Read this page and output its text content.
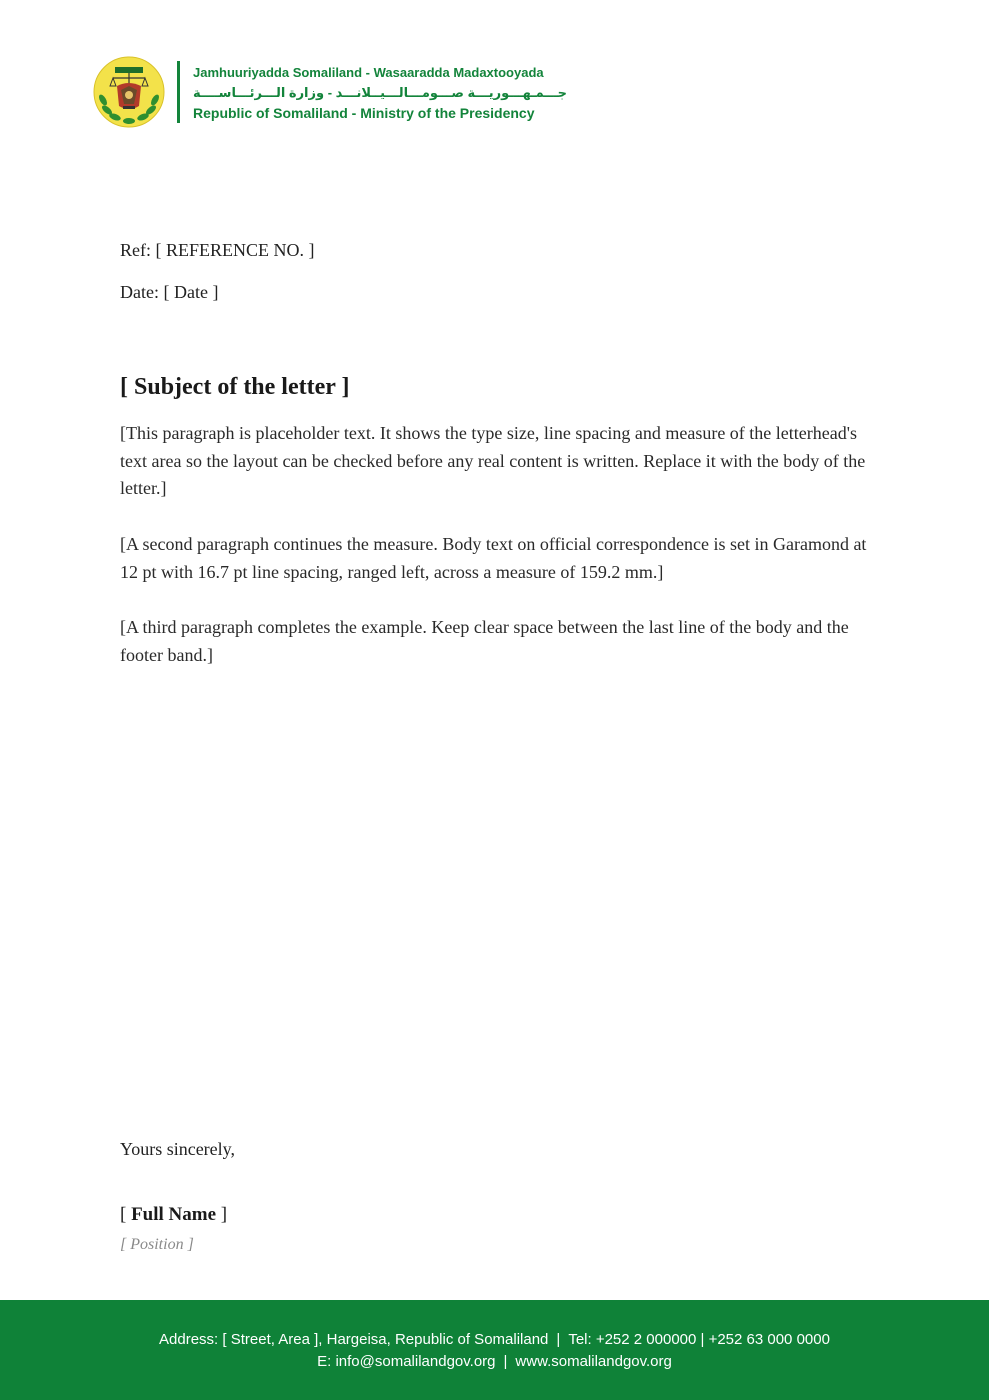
Jamhuuriyadda Somaliland - Wasaaradda Madaxtooyada
جـــمـهـــوريـــة صـــومـــالـــيــلانـــد - وزارة الـــرئـــاســــة
Republic of Somaliland - Ministry of the Presidency
Ref: [ REFERENCE NO. ]
Date: [ Date ]
[ Subject of the letter ]

[This paragraph is placeholder text. It shows the type size, line spacing and measure of the letterhead's text area so the layout can be checked before any real content is written. Replace it with the body of the letter.]

[A second paragraph continues the measure. Body text on official correspondence is set in Garamond at 12 pt with 16.7 pt line spacing, ranged left, across a measure of 159.2 mm.]

[A third paragraph completes the example. Keep clear space between the last line of the body and the footer band.]

Yours sincerely,
[ Full Name ]
[ Position ]
Address: [ Street, Area ], Hargeisa, Republic of Somaliland | Tel: +252 2 000000 | +252 63 000 0000
E: info@somalilandgov.org | www.somalilandgov.org
